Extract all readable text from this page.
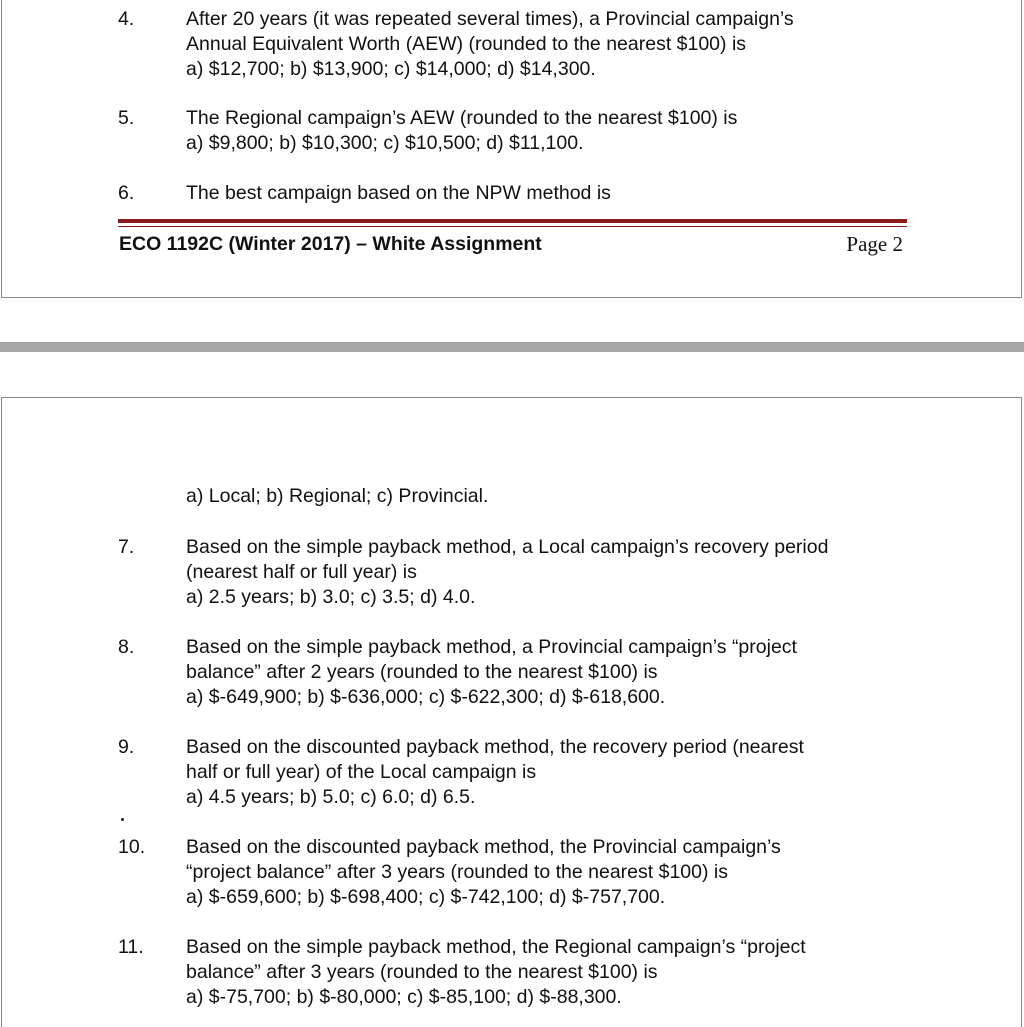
4.	After 20 years (it was repeated several times), a Provincial campaign’s
Annual Equivalent Worth (AEW) (rounded to the nearest $100) is
a) $12,700; b) $13,900; c) $14,000; d) $14,300.
5.	The Regional campaign’s AEW (rounded to the nearest $100) is
a) $9,800; b) $10,300; c) $10,500; d) $11,100.
6.	The best campaign based on the NPW method is
ECO 1192C (Winter 2017) – White Assignment	Page 2
a) Local; b) Regional; c) Provincial.
7.	Based on the simple payback method, a Local campaign’s recovery period
(nearest half or full year) is
a) 2.5 years; b) 3.0; c) 3.5; d) 4.0.
8.	Based on the simple payback method, a Provincial campaign’s “project
balance” after 2 years (rounded to the nearest $100) is
a) $-649,900; b) $-636,000; c) $-622,300; d) $-618,600.
9.	Based on the discounted payback method, the recovery period (nearest
half or full year) of the Local campaign is
a) 4.5 years; b) 5.0; c) 6.0; d) 6.5.
10. Based on the discounted payback method, the Provincial campaign’s
“project balance” after 3 years (rounded to the nearest $100) is
a) $-659,600; b) $-698,400; c) $-742,100; d) $-757,700.
11. Based on the simple payback method, the Regional campaign’s “project
balance” after 3 years (rounded to the nearest $100) is
a) $-75,700; b) $-80,000; c) $-85,100; d) $-88,300.
